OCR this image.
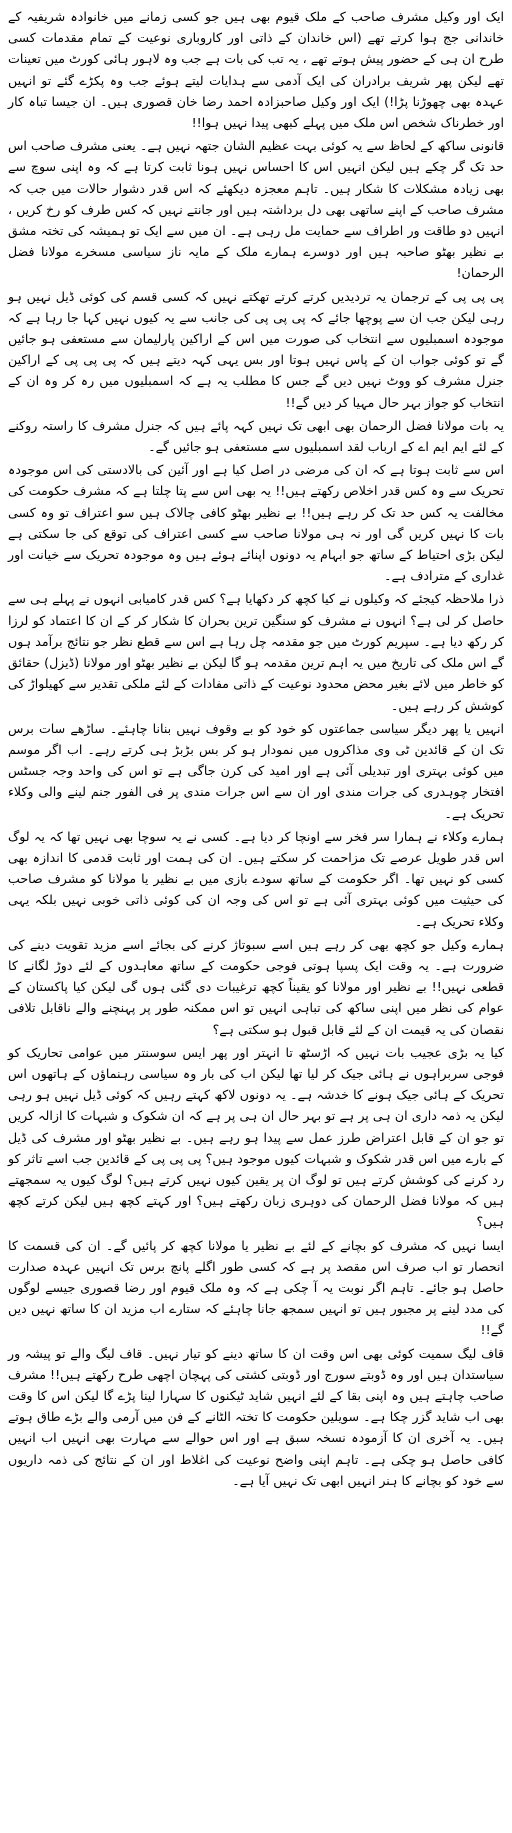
ایک اور وکیل مشرف صاحب کے ملک قیوم بھی ہیں جو کسی زمانے میں خانوادہ شریفیہ کے خاندانی جج ہوا کرتے تھے (اس خاندان کے ذاتی اور کاروباری نوعیت کے تمام مقدمات کسی طرح ان ہی کے حضور پیش ہوتے تھے ، یہ تب کی بات ہے جب وہ لاہور ہائی کورٹ میں تعینات تھے لیکن پھر شریف برادران کی ایک آدمی سے ہدایات لیتے ہوئے جب وہ پکڑے گئے تو انہیں عہدہ بھی چھوڑنا پڑا!) ایک اور وکیل صاحبزادہ احمد رضا خان قصوری ہیں۔ ان جیسا تباہ کار اور خطرناک شخص اس ملک میں پہلے کبھی پیدا نہیں ہوا!!

قانونی ساکھ کے لحاظ سے یہ کوئی بہت عظیم الشان جتھہ نہیں ہے۔ یعنی مشرف صاحب اس حد تک گر چکے ہیں لیکن انہیں اس کا احساس نہیں ہونا ثابت کرتا ہے کہ وہ اپنی سوچ سے بھی زیادہ مشکلات کا شکار ہیں۔ تاہم معجزہ دیکھئے کہ اس قدر دشوار حالات میں جب کہ مشرف صاحب کے اپنے ساتھی بھی دل برداشتہ ہیں اور جانتے نہیں کہ کس طرف کو رخ کریں ، انہیں دو طاقت ور اطراف سے حمایت مل رہی ہے۔ ان میں سے ایک تو ہمیشہ کی تختہ مشق بے نظیر بھٹو صاحبہ ہیں اور دوسرے ہمارے ملک کے مایہ ناز سیاسی مسخرے مولانا فضل الرحمان!

پی پی پی کے ترجمان یہ تردیدیں کرتے کرتے تھکتے نہیں کہ کسی قسم کی کوئی ڈیل نہیں ہو رہی لیکن جب ان سے پوچھا جائے کہ پی پی پی کی جانب سے یہ کیوں نہیں کہا جا رہا ہے کہ موجودہ اسمبلیوں سے انتخاب کی صورت میں اس کے اراکین پارلیمان سے مستعفی ہو جائیں گے تو کوئی جواب ان کے پاس نہیں ہوتا اور بس یہی کہہ دیتے ہیں کہ پی پی پی کے اراکین جنرل مشرف کو ووٹ نہیں دیں گے جس کا مطلب یہ ہے کہ اسمبلیوں میں رہ کر وہ ان کے انتخاب کو جواز بہر حال مہیا کر دیں گے!!

یہ بات مولانا فضل الرحمان بھی ابھی تک نہیں کہہ پائے ہیں کہ جنرل مشرف کا راستہ روکنے کے لئے ایم ایم اے کے ارباب لقد اسمبلیوں سے مستعفی ہو جائیں گے۔

اس سے ثابت ہوتا ہے کہ ان کی مرضی در اصل کیا ہے اور آئین کی بالادستی کی اس موجودہ تحریک سے وہ کس قدر اخلاص رکھتے ہیں!! یہ بھی اس سے پتا چلتا ہے کہ مشرف حکومت کی مخالفت یہ کس حد تک کر رہے ہیں!! بے نظیر بھٹو کافی چالاک ہیں سو اعتراف تو وہ کسی بات کا نہیں کریں گی اور نہ ہی مولانا صاحب سے کسی اعتراف کی توقع کی جا سکتی ہے لیکن بڑی احتیاط کے ساتھ جو ابہام یہ دونوں اپنائے ہوئے ہیں وہ موجودہ تحریک سے خیانت اور غداری کے مترادف ہے۔

ذرا ملاحظہ کیجئے کہ وکیلوں نے کیا کچھ کر دکھایا ہے؟ کس قدر کامیابی انہوں نے پہلے ہی سے حاصل کر لی ہے؟ انہوں نے مشرف کو سنگین ترین بحران کا شکار کر کے ان کا اعتماد کو لرزا کر رکھ دیا ہے۔ سپریم کورٹ میں جو مقدمہ چل رہا ہے اس سے قطع نظر جو نتائج برآمد ہوں گے اس ملک کی تاریخ میں یہ اہم ترین مقدمہ ہو گا لیکن بے نظیر بھٹو اور مولانا (ڈیزل) حقائق کو خاطر میں لائے بغیر محض محدود نوعیت کے ذاتی مفادات کے لئے ملکی تقدیر سے کھیلواڑ کی کوشش کر رہے ہیں۔

انہیں یا پھر دیگر سیاسی جماعتوں کو خود کو بے وقوف نہیں بنانا چاہئے۔ ساڑھے سات برس تک ان کے قائدین ٹی وی مذاکروں میں نمودار ہو کر بس بڑبڑ ہی کرتے رہے۔ اب اگر موسم میں کوئی بہتری اور تبدیلی آئی ہے اور امید کی کرن جاگی ہے تو اس کی واحد وجہ جسٹس افتخار چوہدری کی جرات مندی اور ان سے اس جرات مندی پر فی الفور جنم لینے والی وکلاء تحریک ہے۔

ہمارے وکلاء نے ہمارا سر فخر سے اونچا کر دیا ہے۔ کسی نے یہ سوچا بھی نہیں تھا کہ یہ لوگ اس قدر طویل عرصے تک مزاحمت کر سکتے ہیں۔ ان کی ہمت اور ثابت قدمی کا اندازہ بھی کسی کو نہیں تھا۔ اگر حکومت کے ساتھ سودے بازی میں بے نظیر یا مولانا کو مشرف صاحب کی حیثیت میں کوئی بہتری آئی ہے تو اس کی وجہ ان کی کوئی ذاتی خوبی نہیں بلکہ یہی وکلاء تحریک ہے۔

ہمارے وکیل جو کچھ بھی کر رہے ہیں اسے سبوتاژ کرنے کی بجائے اسے مزید تقویت دینے کی ضرورت ہے۔ یہ وقت ایک پسپا ہوتی فوجی حکومت کے ساتھ معاہدوں کے لئے دوڑ لگانے کا قطعی نہیں!! بے نظیر اور مولانا کو یقیناً کچھ ترغیبات دی گئی ہوں گی لیکن کیا پاکستان کے عوام کی نظر میں اپنی ساکھ کی تباہی انہیں تو اس ممکنہ طور پر پہنچنے والے ناقابل تلافی نقصان کی یہ قیمت ان کے لئے قابل قبول ہو سکتی ہے؟

کیا یہ بڑی عجیب بات نہیں کہ اڑسٹھ تا انہتر اور پھر ایس سوسنتر میں عوامی تحاریک کو فوجی سربراہوں نے ہائی جیک کر لیا تھا لیکن اب کی بار وہ سیاسی رہنماؤں کے ہاتھوں اس تحریک کے ہائی جیک ہونے کا خدشہ ہے۔ یہ دونوں لاکھ کہتے رہیں کہ کوئی ڈیل نہیں ہو رہی لیکن یہ ذمہ داری ان ہی پر ہے تو بہر حال ان ہی پر ہے کہ ان شکوک و شبہات کا ازالہ کریں تو جو ان کے قابل اعتراض طرز عمل سے پیدا ہو رہے ہیں۔ بے نظیر بھٹو اور مشرف کی ڈیل کے بارے میں اس قدر شکوک و شبہات کیوں موجود ہیں؟ پی پی پی کے قائدین جب اسے تاثر کو رد کرنے کی کوشش کرتے ہیں تو لوگ ان پر یقین کیوں نہیں کرتے ہیں؟ لوگ کیوں یہ سمجھتے ہیں کہ مولانا فضل الرحمان کی دوہری زبان رکھتے ہیں؟ اور کہتے کچھ ہیں لیکن کرتے کچھ ہیں؟

ایسا نہیں کہ مشرف کو بچانے کے لئے بے نظیر یا مولانا کچھ کر پائیں گے۔ ان کی قسمت کا انحصار تو اب صرف اس مقصد پر ہے کہ کسی طور اگلے پانچ برس تک انہیں عہدہ صدارت حاصل ہو جائے۔ تاہم اگر نوبت یہ آ چکی ہے کہ وہ ملک قیوم اور رضا قصوری جیسے لوگوں کی مدد لینے پر مجبور ہیں تو انہیں سمجھ جانا چاہئے کہ ستارے اب مزید ان کا ساتھ نہیں دیں گے!!

قاف لیگ سمیت کوئی بھی اس وقت ان کا ساتھ دینے کو تیار نہیں۔ قاف لیگ والے تو پیشہ ور سیاستدان ہیں اور وہ ڈوبتے سورج اور ڈوبتی کشتی کی پہچان اچھی طرح رکھتے ہیں!! مشرف صاحب چاہتے ہیں وہ اپنی بقا کے لئے انہیں شاید ٹیکنوں کا سہارا لینا پڑے گا لیکن اس کا وقت بھی اب شاید گزر چکا ہے۔ سویلین حکومت کا تختہ الٹانے کے فن میں آرمی والے بڑے طاق ہوتے ہیں۔ یہ آخری ان کا آزمودہ نسخہ سبق ہے اور اس حوالے سے مہارت بھی انہیں اب انہیں کافی حاصل ہو چکی ہے۔ تاہم اپنی واضح نوعیت کی اغلاط اور ان کے نتائج کی ذمہ داریوں سے خود کو بچانے کا ہنر انہیں ابھی تک نہیں آیا ہے۔
